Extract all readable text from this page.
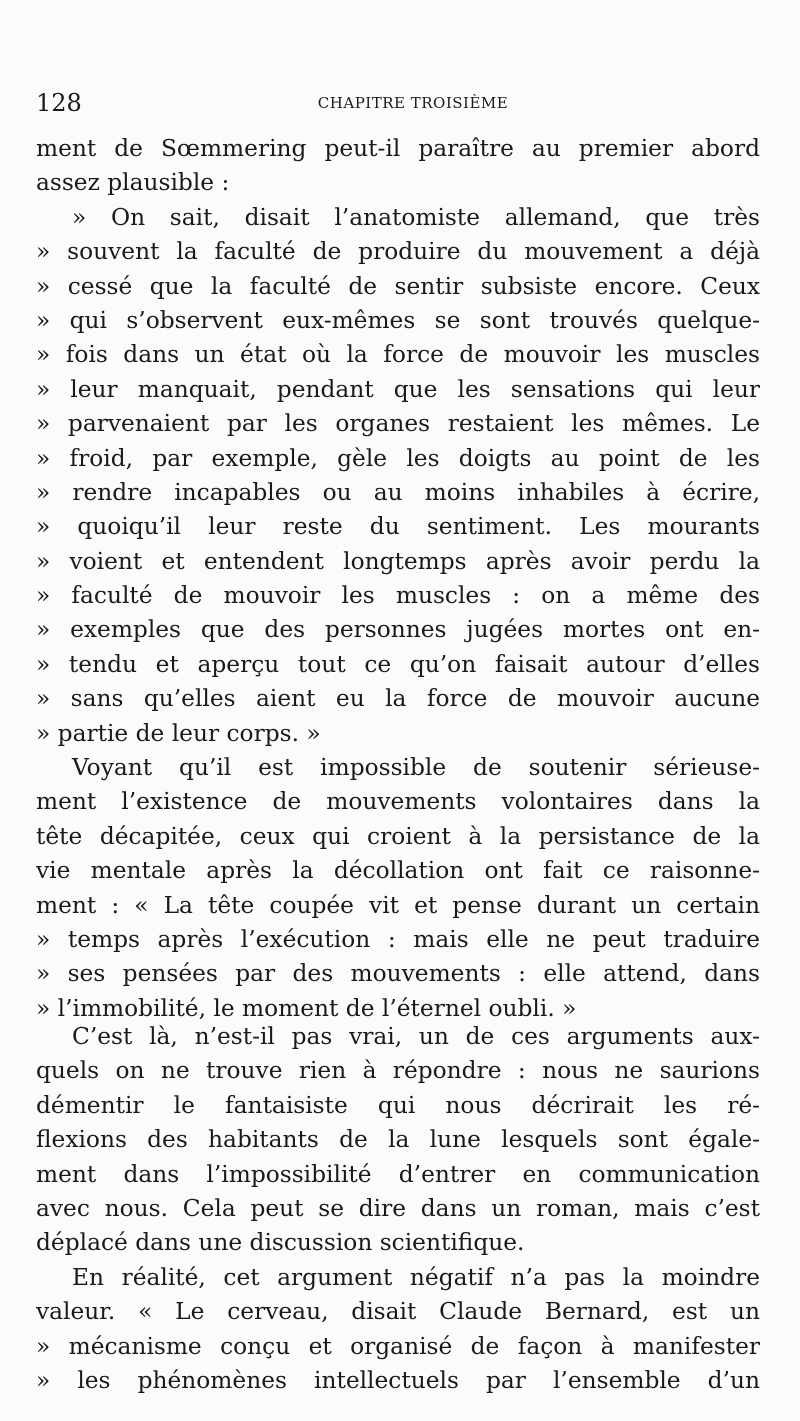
128	CHAPITRE TROISIÈME
ment de Sœmmering peut-il paraître au premier abord
assez plausible :
» On sait, disait l’anatomiste allemand, que très
» souvent la faculté de produire du mouvement a déjà
» cessé que la faculté de sentir subsiste encore. Ceux
» qui s’observent eux-mêmes se sont trouvés quelque-
» fois dans un état où la force de mouvoir les muscles
» leur manquait, pendant que les sensations qui leur
» parvenaient par les organes restaient les mêmes. Le
» froid, par exemple, gèle les doigts au point de les
» rendre incapables ou au moins inhabiles à écrire,
» quoiqu’il leur reste du sentiment. Les mourants
» voient et entendent longtemps après avoir perdu la
» faculté de mouvoir les muscles : on a même des
» exemples que des personnes jugées mortes ont en-
» tendu et aperçu tout ce qu’on faisait autour d’elles
» sans qu’elles aient eu la force de mouvoir aucune
» partie de leur corps. »
Voyant qu’il est impossible de soutenir sérieuse-
ment l’existence de mouvements volontaires dans la
tête décapitée, ceux qui croient à la persistance de la
vie mentale après la décollation ont fait ce raisonne-
ment : « La tête coupée vit et pense durant un certain
» temps après l’exécution : mais elle ne peut traduire
» ses pensées par des mouvements : elle attend, dans
» l’immobilité, le moment de l’éternel oubli. »
C’est là, n’est-il pas vrai, un de ces arguments aux-
quels on ne trouve rien à répondre : nous ne saurions
démentir le fantaisiste qui nous décrirait les ré-
flexions des habitants de la lune lesquels sont égale-
ment dans l’impossibilité d’entrer en communication
avec nous. Cela peut se dire dans un roman, mais c’est
déplacé dans une discussion scientifique.
En réalité, cet argument négatif n’a pas la moindre
valeur. « Le cerveau, disait Claude Bernard, est un
» mécanisme conçu et organisé de façon à manifester
» les phénomènes intellectuels par l’ensemble d’un
